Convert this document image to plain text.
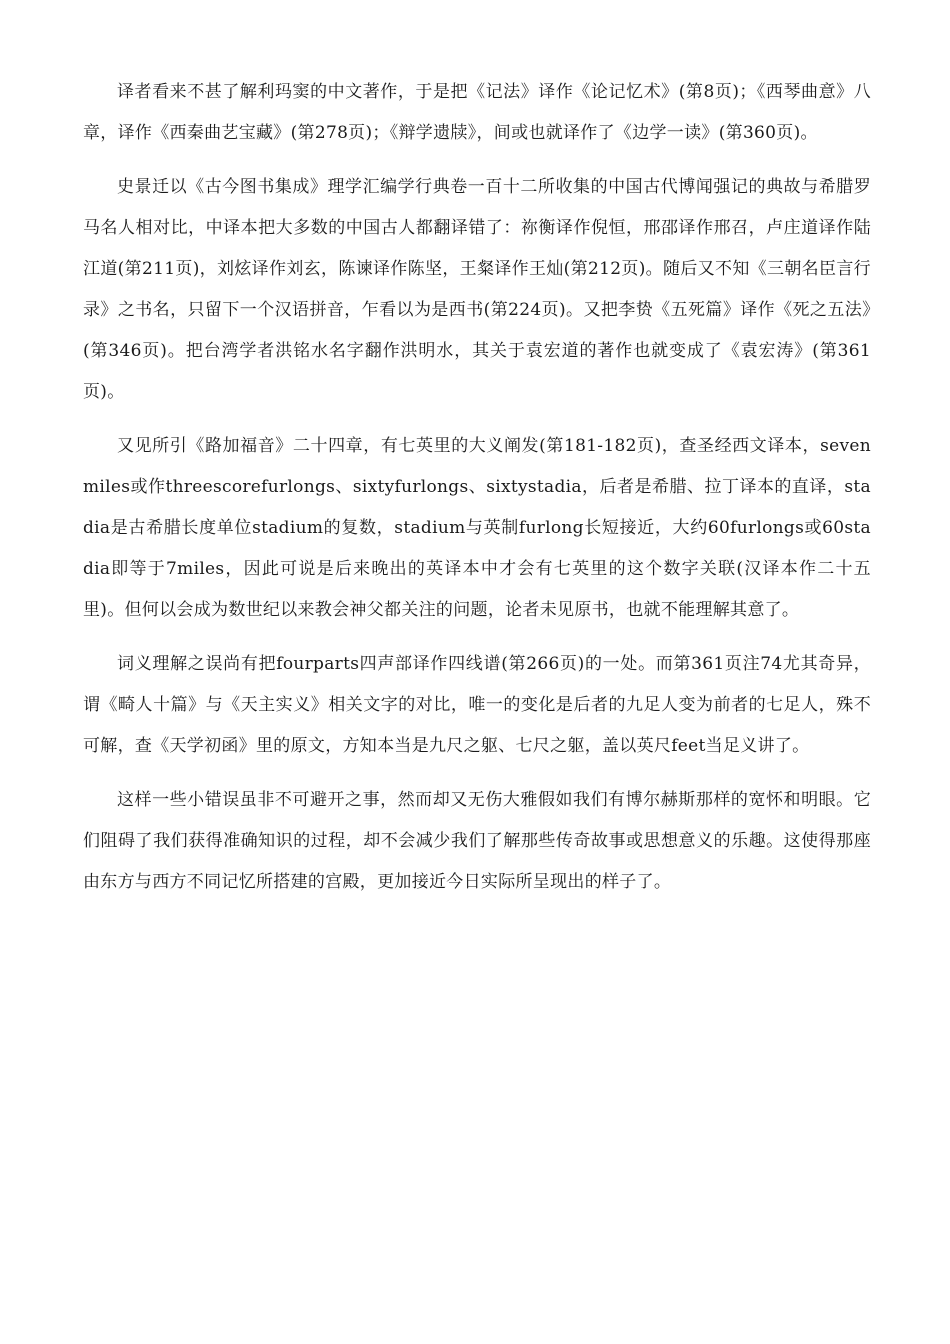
译者看来不甚了解利玛窦的中文著作，于是把《记法》译作《论记忆术》(第8页)；《西琴曲意》八章，译作《西秦曲艺宝藏》(第278页)；《辩学遗牍》，间或也就译作了《边学一读》(第360页)。

史景迁以《古今图书集成》理学汇编学行典卷一百十二所收集的中国古代博闻强记的典故与希腊罗马名人相对比，中译本把大多数的中国古人都翻译错了：祢衡译作倪恒，邢邵译作邢召，卢庄道译作陆江道(第211页)，刘炫译作刘玄，陈谏译作陈坚，王粲译作王灿(第212页)。随后又不知《三朝名臣言行录》之书名，只留下一个汉语拼音，乍看以为是西书(第224页)。又把李贽《五死篇》译作《死之五法》(第346页)。把台湾学者洪铭水名字翻作洪明水，其关于袁宏道的著作也就变成了《袁宏涛》(第361页)。

又见所引《路加福音》二十四章，有七英里的大义阐发(第181-182页)，查圣经西文译本，sevenmiles或作threescorefurlongs、sixtyfurlongs、sixtystadia，后者是希腊、拉丁译本的直译，stadia是古希腊长度单位stadium的复数，stadium与英制furlong长短接近，大约60furlongs或60stadia即等于7miles，因此可说是后来晚出的英译本中才会有七英里的这个数字关联(汉译本作二十五里)。但何以会成为数世纪以来教会神父都关注的问题，论者未见原书，也就不能理解其意了。

词义理解之误尚有把fourparts四声部译作四线谱(第266页)的一处。而第361页注74尤其奇异，谓《畸人十篇》与《天主实义》相关文字的对比，唯一的变化是后者的九足人变为前者的七足人，殊不可解，查《天学初函》里的原文，方知本当是九尺之躯、七尺之躯，盖以英尺feet当足义讲了。

这样一些小错误虽非不可避开之事，然而却又无伤大雅假如我们有博尔赫斯那样的宽怀和明眼。它们阻碍了我们获得准确知识的过程，却不会减少我们了解那些传奇故事或思想意义的乐趣。这使得那座由东方与西方不同记忆所搭建的宫殿，更加接近今日实际所呈现出的样子了。
